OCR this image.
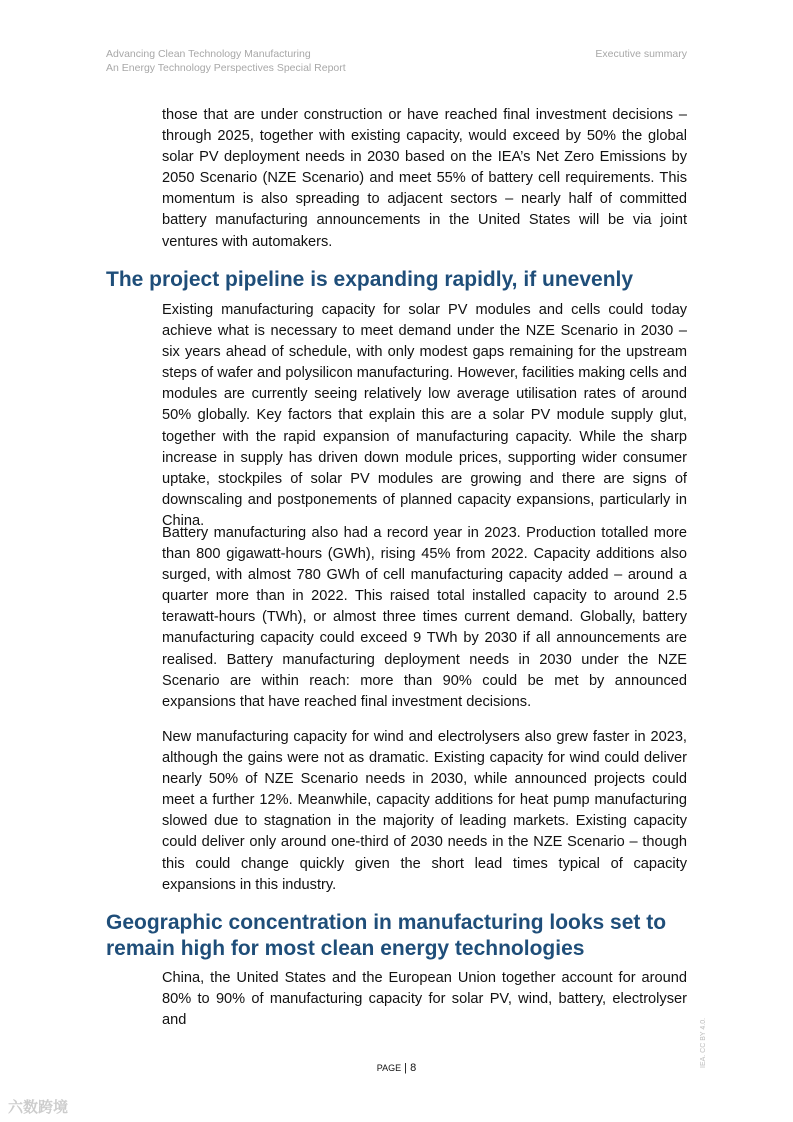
Advancing Clean Technology Manufacturing
An Energy Technology Perspectives Special Report
Executive summary

those that are under construction or have reached final investment decisions – through 2025, together with existing capacity, would exceed by 50% the global solar PV deployment needs in 2030 based on the IEA’s Net Zero Emissions by 2050 Scenario (NZE Scenario) and meet 55% of battery cell requirements. This momentum is also spreading to adjacent sectors – nearly half of committed battery manufacturing announcements in the United States will be via joint ventures with automakers.

The project pipeline is expanding rapidly, if unevenly

Existing manufacturing capacity for solar PV modules and cells could today achieve what is necessary to meet demand under the NZE Scenario in 2030 – six years ahead of schedule, with only modest gaps remaining for the upstream steps of wafer and polysilicon manufacturing. However, facilities making cells and modules are currently seeing relatively low average utilisation rates of around 50% globally. Key factors that explain this are a solar PV module supply glut, together with the rapid expansion of manufacturing capacity. While the sharp increase in supply has driven down module prices, supporting wider consumer uptake, stockpiles of solar PV modules are growing and there are signs of downscaling and postponements of planned capacity expansions, particularly in China.

Battery manufacturing also had a record year in 2023. Production totalled more than 800 gigawatt-hours (GWh), rising 45% from 2022. Capacity additions also surged, with almost 780 GWh of cell manufacturing capacity added – around a quarter more than in 2022. This raised total installed capacity to around 2.5 terawatt-hours (TWh), or almost three times current demand. Globally, battery manufacturing capacity could exceed 9 TWh by 2030 if all announcements are realised. Battery manufacturing deployment needs in 2030 under the NZE Scenario are within reach: more than 90% could be met by announced expansions that have reached final investment decisions.

New manufacturing capacity for wind and electrolysers also grew faster in 2023, although the gains were not as dramatic. Existing capacity for wind could deliver nearly 50% of NZE Scenario needs in 2030, while announced projects could meet a further 12%. Meanwhile, capacity additions for heat pump manufacturing slowed due to stagnation in the majority of leading markets. Existing capacity could deliver only around one-third of 2030 needs in the NZE Scenario – though this could change quickly given the short lead times typical of capacity expansions in this industry.

Geographic concentration in manufacturing looks set to remain high for most clean energy technologies

China, the United States and the European Union together account for around 80% to 90% of manufacturing capacity for solar PV, wind, battery, electrolyser and

PAGE | 8	IEA. CC BY 4.0.
六数跨境
